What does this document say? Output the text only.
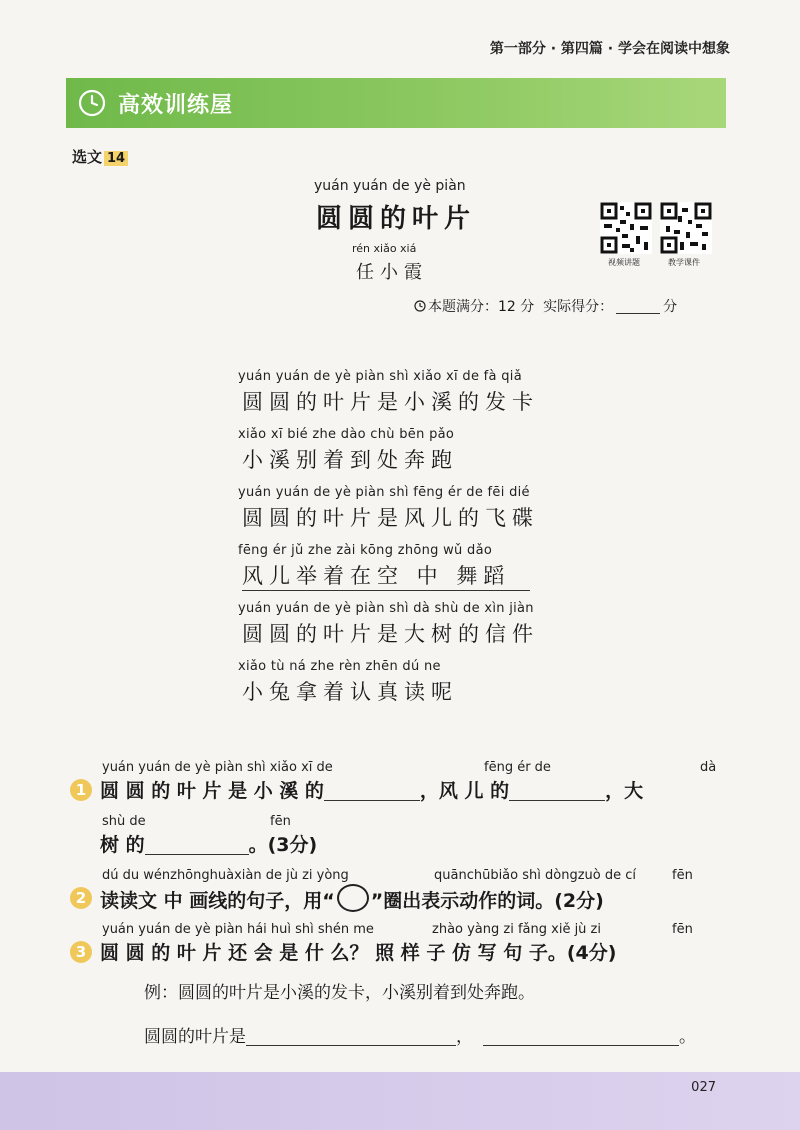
第一部分 · 第四篇 · 学会在阅读中想象
高效训练屋
选文 14
yuán yuán de yè piàn
圆圆的叶片
rén xiǎo xiá
任小霞	视频讲题	教学课件
本题满分：12 分 实际得分：	分
yuán yuán de yè piàn shì xiǎo xī de fà qiǎ
圆圆的叶片是小溪的发卡
xiǎo xī bié zhe dào chù bēn pǎo
小溪别着到处奔跑
yuán yuán de yè piàn shì fēng ér de fēi dié
圆圆的叶片是风儿的飞碟
fēng ér jǔ zhe zài kōng zhōng wǔ dǎo
风儿举着在空 中 舞蹈
yuán yuán de yè piàn shì dà shù de xìn jiàn
圆圆的叶片是大树的信件
xiǎo tù ná zhe rèn zhēn dú ne
小兔拿着认真读呢
yuán yuán de yè piàn shì xiǎo xī de	fēng ér de	dà
1 圆 圆 的 叶 片 是 小 溪 的	，风 儿 的	，大
shù de	fēn
树 的	。(3分)
dú du wénzhōnghuàxiàn de jù zi yòng	quānchūbiǎo shì dòngzuò de cí	fēn
2 读读文 中 画线的句子，用“ ”圈出表示动作的词。(2分)
yuán yuán de yè piàn hái huì shì shén me	zhào yàng zi fǎng xiě jù zi	fēn
3 圆 圆 的 叶 片 还 会 是 什 么？ 照 样 子 仿 写 句 子。(4分)
例：圆圆的叶片是小溪的发卡，小溪别着到处奔跑。
圆圆的叶片是	，	。
027
